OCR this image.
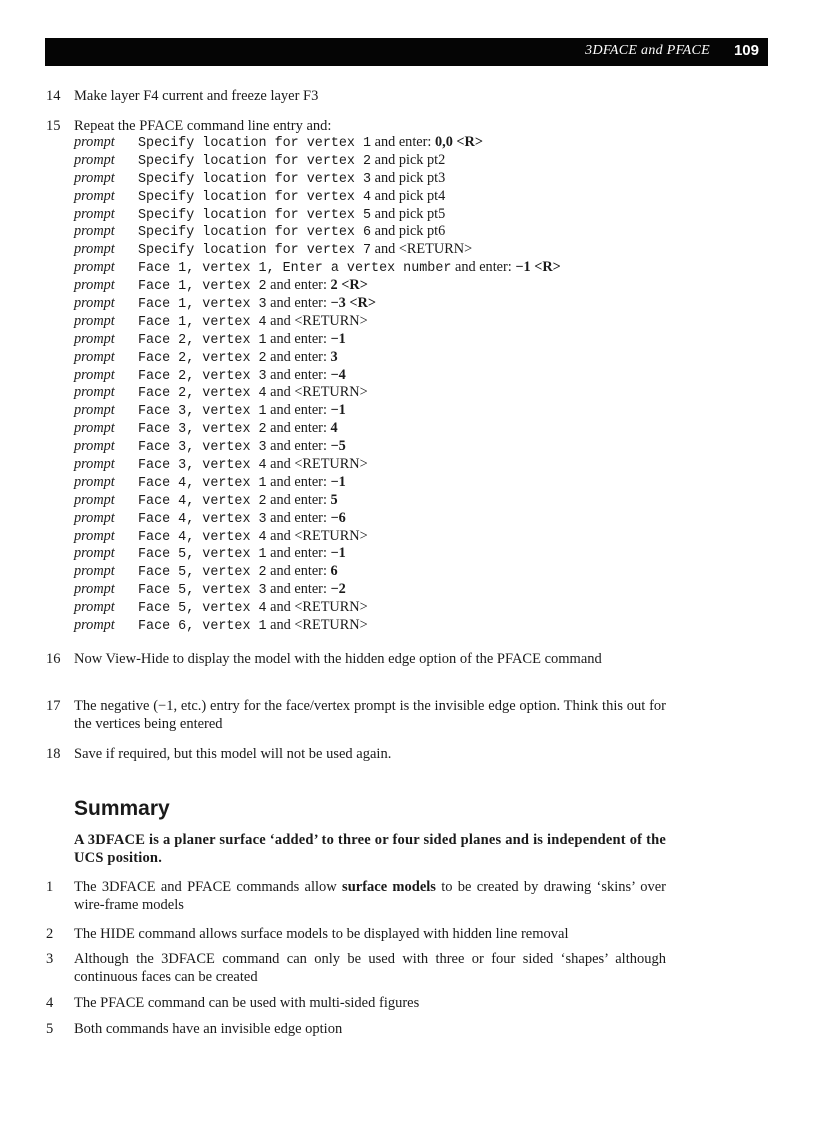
3DFACE and PFACE 109
14 Make layer F4 current and freeze layer F3
15 Repeat the PFACE command line entry and:
prompt Specify location for vertex 1 and enter: 0,0 <R>
prompt Specify location for vertex 2 and pick pt2
prompt Specify location for vertex 3 and pick pt3
prompt Specify location for vertex 4 and pick pt4
prompt Specify location for vertex 5 and pick pt5
prompt Specify location for vertex 6 and pick pt6
prompt Specify location for vertex 7 and <RETURN>
prompt Face 1, vertex 1, Enter a vertex number and enter: −1 <R>
prompt Face 1, vertex 2 and enter: 2 <R>
prompt Face 1, vertex 3 and enter: −3 <R>
prompt Face 1, vertex 4 and <RETURN>
prompt Face 2, vertex 1 and enter: −1
prompt Face 2, vertex 2 and enter: 3
prompt Face 2, vertex 3 and enter: −4
prompt Face 2, vertex 4 and <RETURN>
prompt Face 3, vertex 1 and enter: −1
prompt Face 3, vertex 2 and enter: 4
prompt Face 3, vertex 3 and enter: −5
prompt Face 3, vertex 4 and <RETURN>
prompt Face 4, vertex 1 and enter: −1
prompt Face 4, vertex 2 and enter: 5
prompt Face 4, vertex 3 and enter: −6
prompt Face 4, vertex 4 and <RETURN>
prompt Face 5, vertex 1 and enter: −1
prompt Face 5, vertex 2 and enter: 6
prompt Face 5, vertex 3 and enter: −2
prompt Face 5, vertex 4 and <RETURN>
prompt Face 6, vertex 1 and <RETURN>
16 Now View-Hide to display the model with the hidden edge option of the PFACE command
17 The negative (−1, etc.) entry for the face/vertex prompt is the invisible edge option. Think this out for the vertices being entered
18 Save if required, but this model will not be used again.
Summary
A 3DFACE is a planer surface ‘added’ to three or four sided planes and is independent of the UCS position.
1 The 3DFACE and PFACE commands allow surface models to be created by drawing ‘skins’ over wire-frame models
2 The HIDE command allows surface models to be displayed with hidden line removal
3 Although the 3DFACE command can only be used with three or four sided ‘shapes’ although continuous faces can be created
4 The PFACE command can be used with multi-sided figures
5 Both commands have an invisible edge option
